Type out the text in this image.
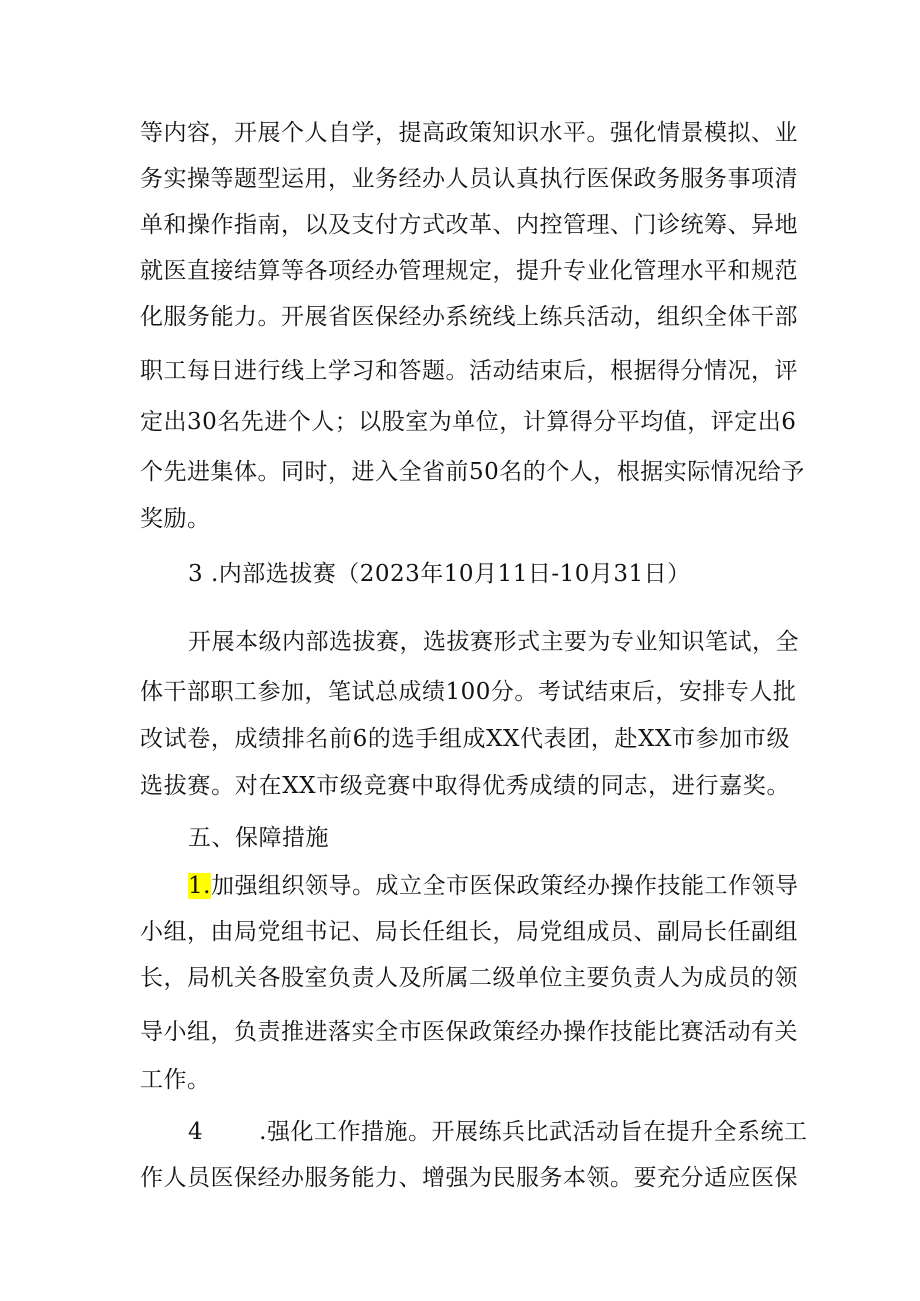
等内容，开展个人自学，提高政策知识水平。强化情景模拟、业
务实操等题型运用，业务经办人员认真执行医保政务服务事项清
单和操作指南，以及支付方式改革、内控管理、门诊统筹、异地
就医直接结算等各项经办管理规定，提升专业化管理水平和规范
化服务能力。开展省医保经办系统线上练兵活动，组织全体干部
职工每日进行线上学习和答题。活动结束后，根据得分情况，评
定出30名先进个人；以股室为单位，计算得分平均值，评定出6
个先进集体。同时，进入全省前50名的个人，根据实际情况给予
奖励。
3 .内部选拔赛（2023年10月11日-10月31日）
开展本级内部选拔赛，选拔赛形式主要为专业知识笔试，全
体干部职工参加，笔试总成绩100分。考试结束后，安排专人批
改试卷，成绩排名前6的选手组成XX代表团，赴XX市参加市级
选拔赛。对在XX市级竞赛中取得优秀成绩的同志，进行嘉奖。
五、保障措施
1.加强组织领导。成立全市医保政策经办操作技能工作领导
小组，由局党组书记、局长任组长，局党组成员、副局长任副组
长，局机关各股室负责人及所属二级单位主要负责人为成员的领
导小组，负责推进落实全市医保政策经办操作技能比赛活动有关
工作。
4 .强化工作措施。开展练兵比武活动旨在提升全系统工
作人员医保经办服务能力、增强为民服务本领。要充分适应医保
